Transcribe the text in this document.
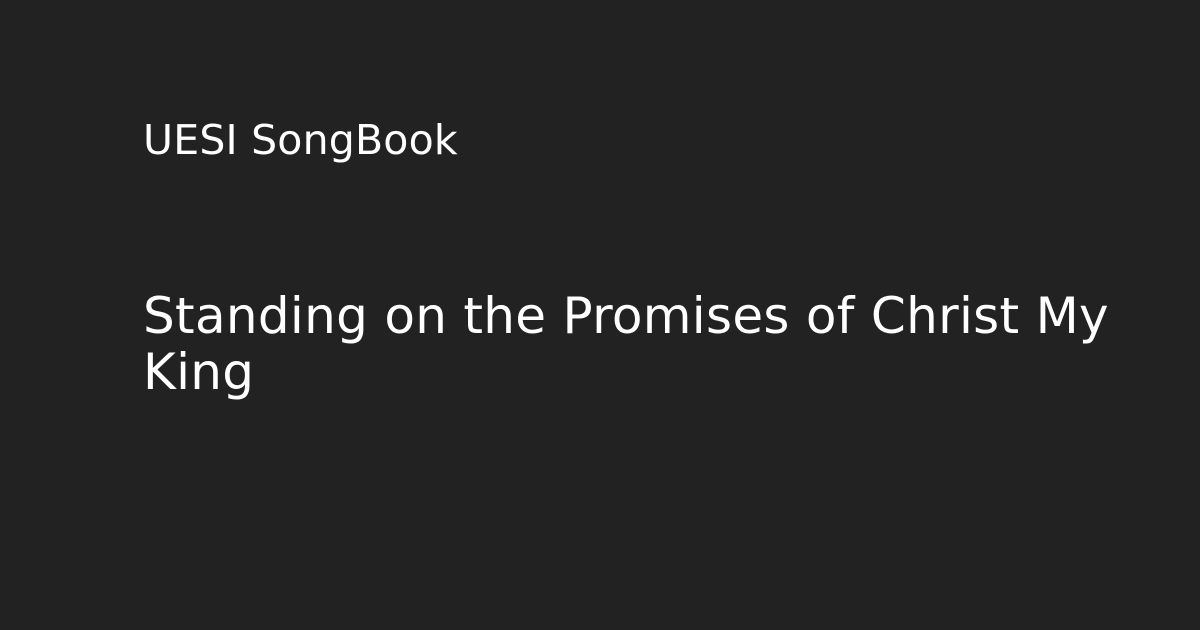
UESI SongBook
Standing on the Promises of Christ My King
